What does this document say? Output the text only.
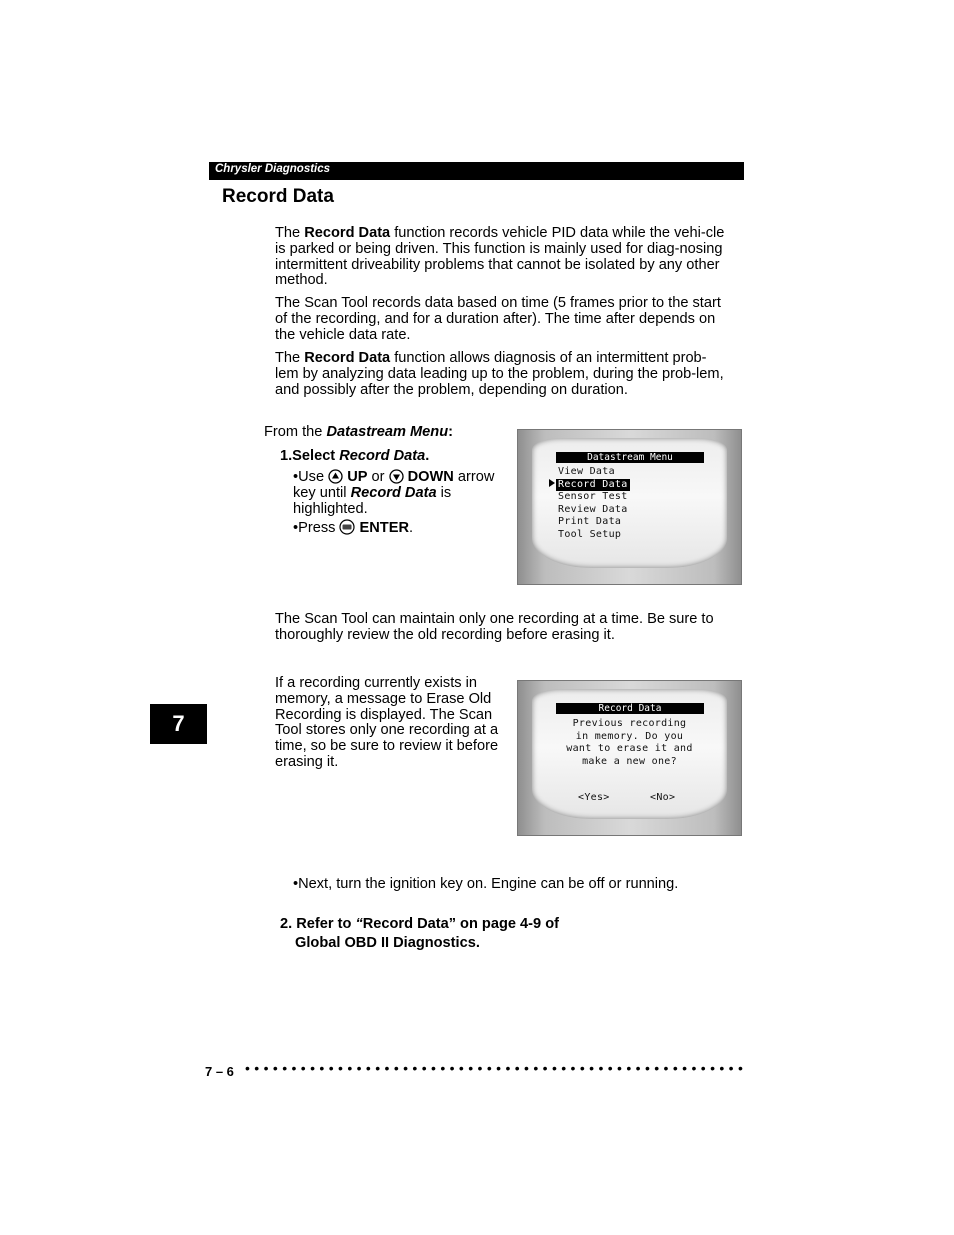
Chrysler Diagnostics
Record Data

The Record Data function records vehicle PID data while the vehi-cle is parked or being driven. This function is mainly used for diag-nosing intermittent driveability problems that cannot be isolated by any other method.

The Scan Tool records data based on time (5 frames prior to the start of the recording, and for a duration after). The time after depends on the vehicle data rate.

The Record Data function allows diagnosis of an intermittent prob-lem by analyzing data leading up to the problem, during the prob-lem, and possibly after the problem, depending on duration.

From the Datastream Menu:
1.Select Record Data.
•Use  UP or  DOWN arrow key until Record Data is highlighted.
•Press  ENTER.
Datastream Menu
View Data
Record Data
Sensor Test
Review Data
Print Data
Tool Setup
The Scan Tool can maintain only one recording at a time. Be sure to thoroughly review the old recording before erasing it.
7
If a recording currently exists in memory, a message to Erase Old Recording is displayed. The Scan Tool stores only one recording at a time, so be sure to review it before erasing it.
Record Data
Previous recording
in memory. Do you
want to erase it and
make a new one?
<Yes>	<No>
•Next, turn the ignition key on. Engine can be off or running.
2. Refer to “Record Data” on page 4-9 of
Global OBD II Diagnostics.
7 – 6 ••••••••••••••••••••••••••••••••••••••••••••••••••••••
